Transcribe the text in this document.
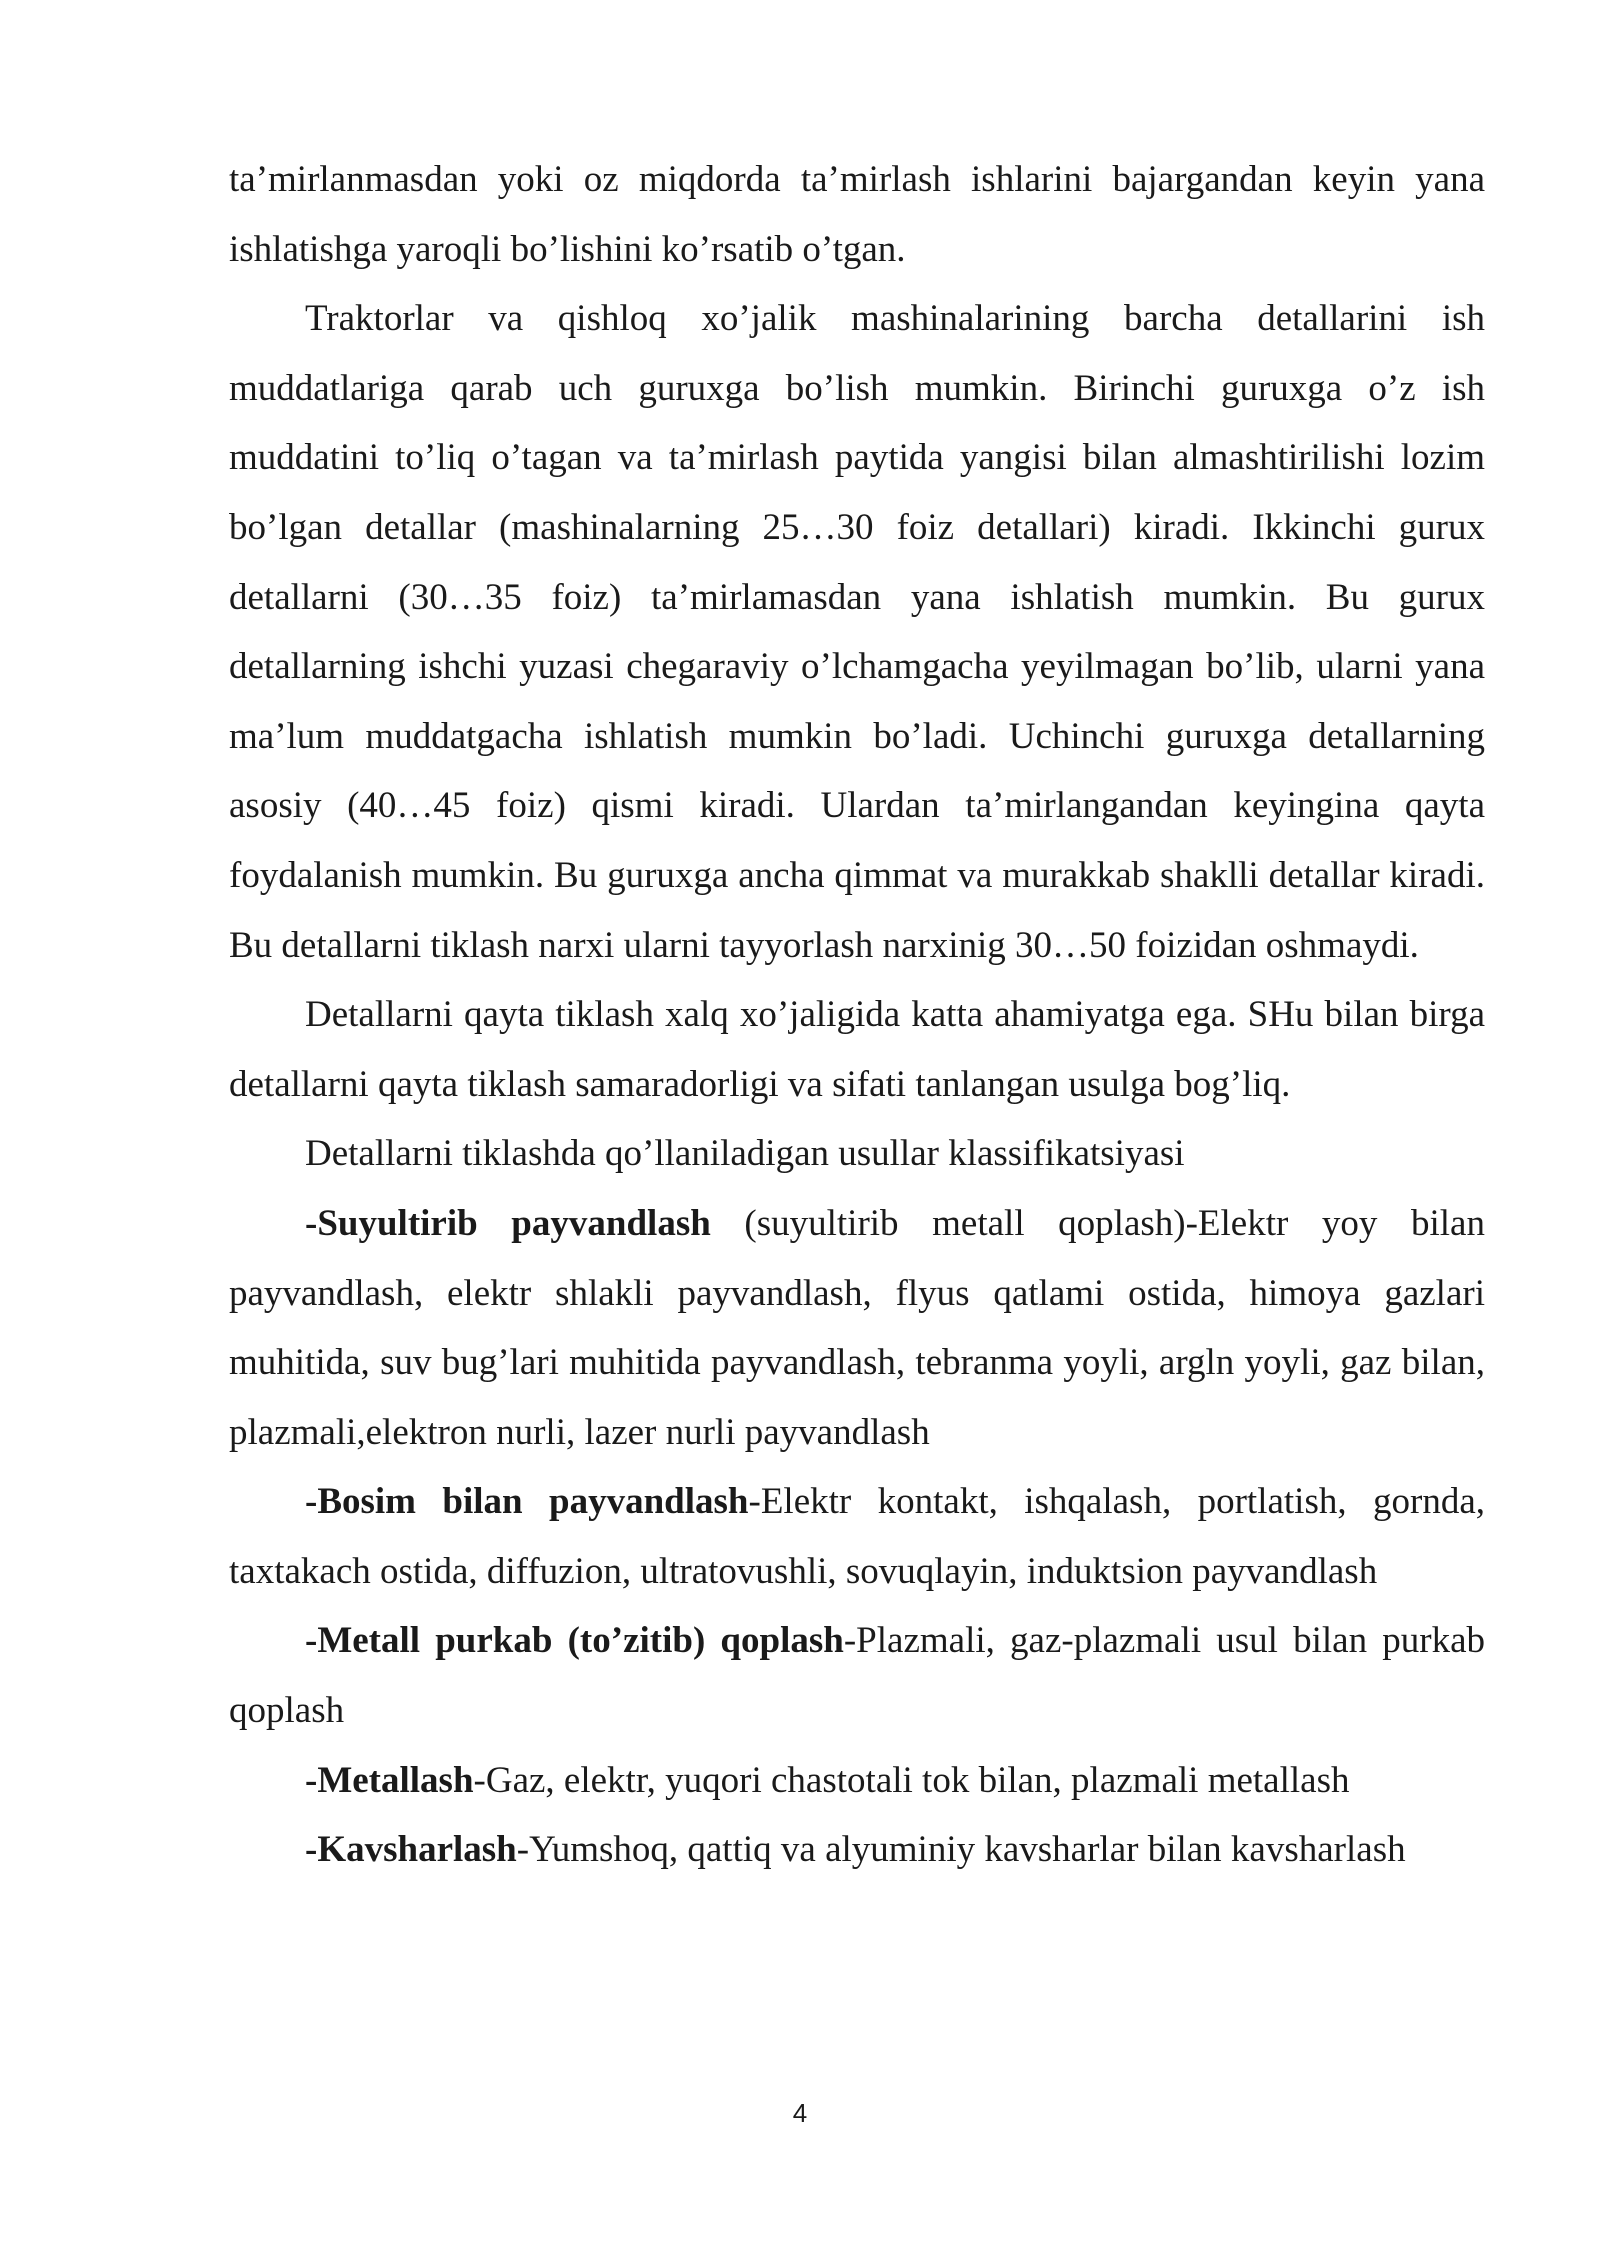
ta’mirlanmasdan yoki oz miqdorda ta’mirlash ishlarini bajargandan keyin yana ishlatishga yaroqli bo’lishini ko’rsatib o’tgan.

Traktorlar va qishloq xo’jalik mashinalarining barcha detallarini ish muddatlariga qarab uch guruxga bo’lish mumkin. Birinchi guruxga o’z ish muddatini to’liq o’tagan va ta’mirlash paytida yangisi bilan almashtirilishi lozim bo’lgan detallar (mashinalarning 25…30 foiz detallari) kiradi. Ikkinchi gurux detallarni (30…35 foiz) ta’mirlamasdan yana ishlatish mumkin. Bu gurux detallarning ishchi yuzasi chegaraviy o’lchamgacha yeyilmagan bo’lib, ularni yana ma’lum muddatgacha ishlatish mumkin bo’ladi. Uchinchi guruxga detallarning asosiy (40…45 foiz) qismi kiradi. Ulardan ta’mirlangandan keyingina qayta foydalanish mumkin. Bu guruxga ancha qimmat va murakkab shaklli detallar kiradi. Bu detallarni tiklash narxi ularni tayyorlash narxinig 30…50 foizidan oshmaydi.

Detallarni qayta tiklash xalq xo’jaligida katta ahamiyatga ega. SHu bilan birga detallarni qayta tiklash samaradorligi va sifati tanlangan usulga bog’liq.

Detallarni tiklashda qo’llaniladigan usullar klassifikatsiyasi

-Suyultirib payvandlash (suyultirib metall qoplash)-Elektr yoy bilan payvandlash, elektr shlakli payvandlash, flyus qatlami ostida, himoya gazlari muhitida, suv bug’lari muhitida payvandlash, tebranma yoyli, argln yoyli, gaz bilan, plazmali,elektron nurli, lazer nurli payvandlash

-Bosim bilan payvandlash-Elektr kontakt, ishqalash, portlatish, gornda, taxtakach ostida, diffuzion, ultratovushli, sovuqlayin, induktsion payvandlash

-Metall purkab (to’zitib) qoplash-Plazmali, gaz-plazmali usul bilan purkab qoplash

-Metallash-Gaz, elektr, yuqori chastotali tok bilan, plazmali metallash

-Kavsharlash-Yumshoq, qattiq va alyuminiy kavsharlar bilan kavsharlash

4
